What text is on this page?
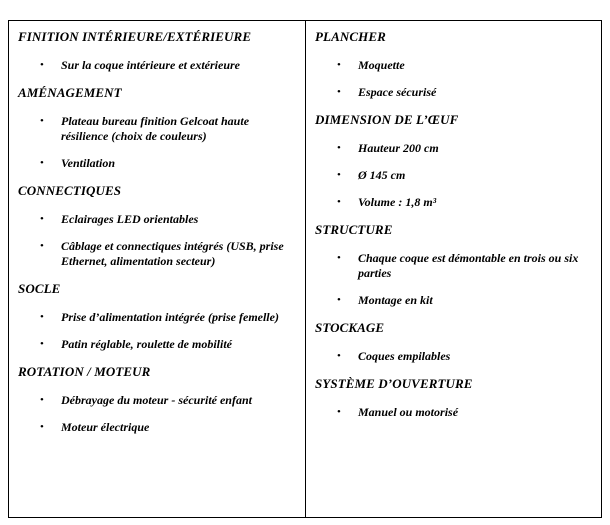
FINITION INTÉRIEURE/EXTÉRIEURE
• Sur la coque intérieure et extérieure
AMÉNAGEMENT
• Plateau bureau finition Gelcoat haute résilience (choix de couleurs)
• Ventilation
CONNECTIQUES
• Eclairages LED orientables
• Câblage et connectiques intégrés (USB, prise Ethernet, alimentation secteur)
SOCLE
• Prise d’alimentation intégrée (prise femelle)
• Patin réglable, roulette de mobilité
ROTATION / MOTEUR
• Débrayage du moteur - sécurité enfant
• Moteur électrique
PLANCHER
• Moquette
• Espace sécurisé
DIMENSION DE L’ŒUF
• Hauteur 200 cm
• Ø 145 cm
• Volume : 1,8 m³
STRUCTURE
• Chaque coque est démontable en trois ou six parties
• Montage en kit
STOCKAGE
• Coques empilables
SYSTÈME D’OUVERTURE
• Manuel ou motorisé
